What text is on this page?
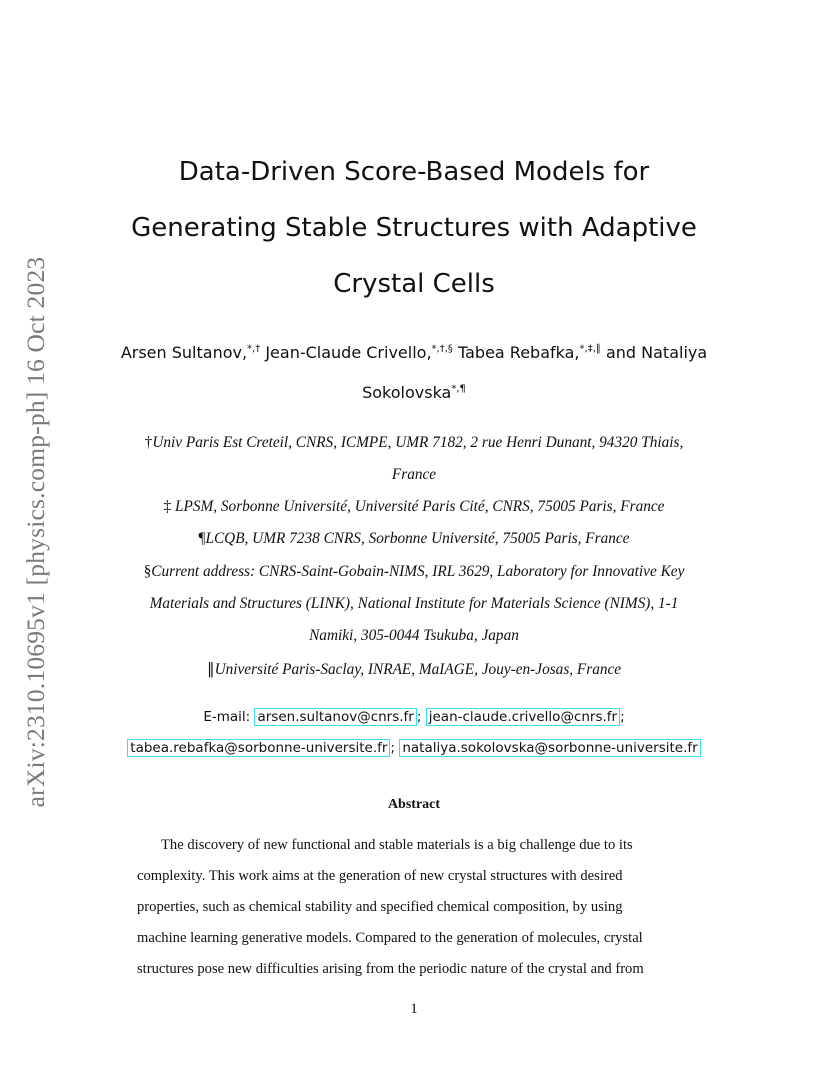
arXiv:2310.10695v1 [physics.comp-ph] 16 Oct 2023
Data-Driven Score-Based Models for
Generating Stable Structures with Adaptive
Crystal Cells
Arsen Sultanov,*,† Jean-Claude Crivello,*,†,§ Tabea Rebafka,*,‡,∥ and Nataliya
Sokolovska*,¶
†Univ Paris Est Creteil, CNRS, ICMPE, UMR 7182, 2 rue Henri Dunant, 94320 Thiais,
France
‡ LPSM, Sorbonne Université, Université Paris Cité, CNRS, 75005 Paris, France
¶LCQB, UMR 7238 CNRS, Sorbonne Université, 75005 Paris, France
§Current address: CNRS-Saint-Gobain-NIMS, IRL 3629, Laboratory for Innovative Key
Materials and Structures (LINK), National Institute for Materials Science (NIMS), 1-1
Namiki, 305-0044 Tsukuba, Japan
∥Université Paris-Saclay, INRAE, MaIAGE, Jouy-en-Josas, France
E-mail: arsen.sultanov@cnrs.fr ; jean-claude.crivello@cnrs.fr ;
tabea.rebafka@sorbonne-universite.fr ; nataliya.sokolovska@sorbonne-universite.fr
Abstract
The discovery of new functional and stable materials is a big challenge due to its
complexity. This work aims at the generation of new crystal structures with desired
properties, such as chemical stability and specified chemical composition, by using
machine learning generative models. Compared to the generation of molecules, crystal
structures pose new difficulties arising from the periodic nature of the crystal and from
1
